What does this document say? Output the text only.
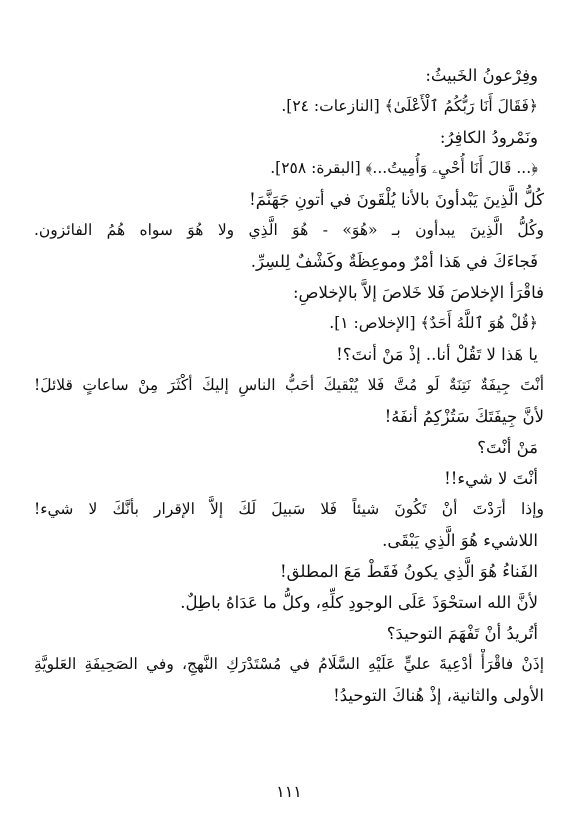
وفِرْعونُ الخَبيثُ:
﴿فَقَالَ أَنَا رَبُّكُمُ ٱلْأَعْلَىٰ﴾ [النازعات: ٢٤].
ونَمْرودُ الكافِرُ:
﴿... قَالَ أَنَا أُحْيِۦ وَأُمِيتُ...﴾ [البقرة: ٢٥٨].
كُلُّ الَّذِينَ يَبْدأونَ بالأنا يُلْقَونَ في أتونِ جَهَنَّمَ!
وكُلُّ الَّذِينَ يبدأون بـ «هُوَ» - هُوَ الَّذِي ولا هُوَ سواه هُمُ الفائزون.
فَجاءَكَ في هَذا أمْرٌ وموعِظَةٌ وكَشْفٌ لِلسِرِّ.
فاقْرَأ الإخلاصَ فَلا خَلاصَ إلاَّ بالإخلاصِ:
﴿قُلْ هُوَ ٱللَّهُ أَحَدٌ﴾ [الإخلاص: ١].
يا هَذا لا تَقُلْ أنا.. إذْ مَنْ أنتَ؟!
أنْتَ جِيفَةٌ نَتِنَةٌ لَو مُتَّ فَلا يُبْقيكَ أحَبُّ الناسِ إليكَ أكْثَرَ مِنْ ساعاتٍ قلائلَ!
لأنَّ جِيفَتَكَ سَتُزْكِمُ أنفَهُ!
مَنْ أنْتَ؟
أنْتَ لا شيء!!
وإذا أرَدْتَ أنْ تَكُونَ شيئاً فَلا سَبيلَ لَكَ إلاَّ الإقرار بأنَّكَ لا شيء!
اللاشيء هُوَ الَّذِي يَبْقَى.
الفَناءُ هُوَ الَّذِي يكونُ فَقَطْ مَعَ المطلق!
لأنَّ الله استحْوَذَ عَلَى الوجودِ كلِّهِ، وكلُّ ما عَدَاهُ باطِلٌ.
أتُريدُ أنْ تَفْهَمَ التوحيدَ؟
إذَنْ فاقْرَأْ أدْعِيةَ عليٍّ عَلَيْهِ السَّلَامُ في مُسْتَدْرَكِ النَّهجِ، وفي الصَحِيفَةِ العَلويَّةِ
الأولى والثانية، إذْ هُناكَ التوحيدُ!
١١١
